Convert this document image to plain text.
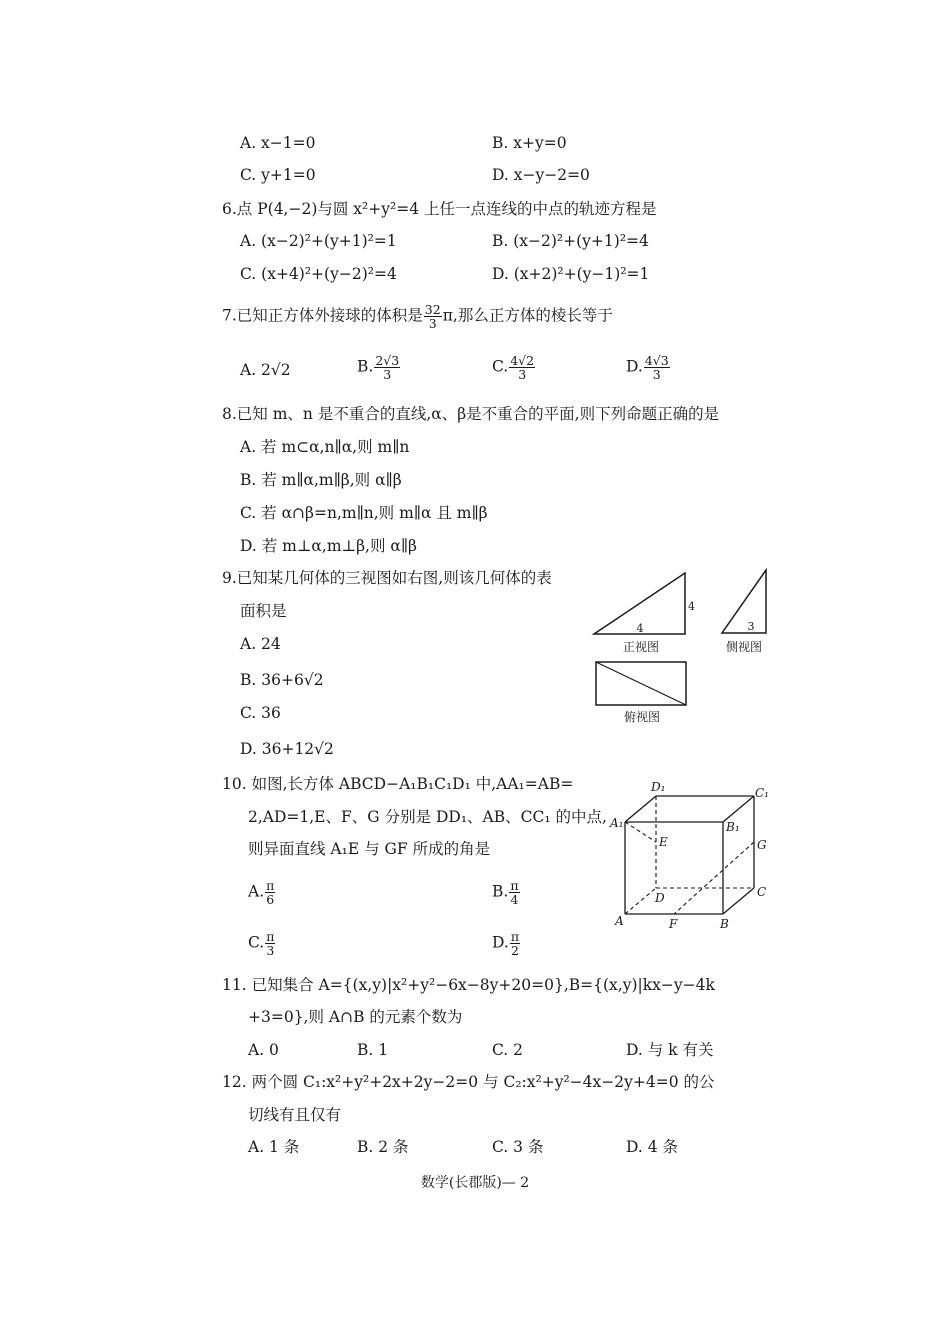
A. x−1=0	B. x+y=0
C. y+1=0	D. x−y−2=0
6.点 P(4,−2)与圆 x²+y²=4 上任一点连线的中点的轨迹方程是
A. (x−2)²+(y+1)²=1	B. (x−2)²+(y+1)²=4
C. (x+4)²+(y−2)²=4	D. (x+2)²+(y−1)²=1
7.已知正方体外接球的体积是 $\frac{32}{3} \pi$,那么正方体的棱长等于
A. 2√2	B. $\frac{2√3}{3}$	C. $\frac{4√2}{3}$	D. $\frac{4√3}{3}$
8.已知 m、n 是不重合的直线,α、β是不重合的平面,则下列命题正确的是
A. 若 m⊂α,n∥α,则 m∥n
B. 若 m∥α,m∥β,则 α∥β
C. 若 α∩β=n,m∥n,则 m∥α 且 m∥β
D. 若 m⊥α,m⊥β,则 α∥β
9.已知某几何体的三视图如右图,则该几何体的表
面积是
A. 24
B. 36+6√2
C. 36
D. 36+12√2
4
4
正视图
3
侧视图
俯视图
10. 如图,长方体 ABCD−A₁B₁C₁D₁ 中,AA₁=AB=
2,AD=1,E、F、G 分别是 DD₁、AB、CC₁ 的中点,
则异面直线 A₁E 与 GF 所成的角是
A. $\frac{\pi}{6}$	B. $\frac{\pi}{4}$
C. $\frac{\pi}{3}$	D. $\frac{\pi}{2}$
A	F	B
C
D
G
E
A₁	B₁
D₁	C₁
11. 已知集合 A={(x,y)|x²+y²−6x−8y+20=0},B={(x,y)|kx−y−4k
+3=0},则 A∩B 的元素个数为
A. 0	B. 1	C. 2	D. 与 k 有关
12. 两个圆 C₁:x²+y²+2x+2y−2=0 与 C₂:x²+y²−4x−2y+4=0 的公
切线有且仅有
A. 1 条	B. 2 条	C. 3 条	D. 4 条
数学(长郡版)— 2
